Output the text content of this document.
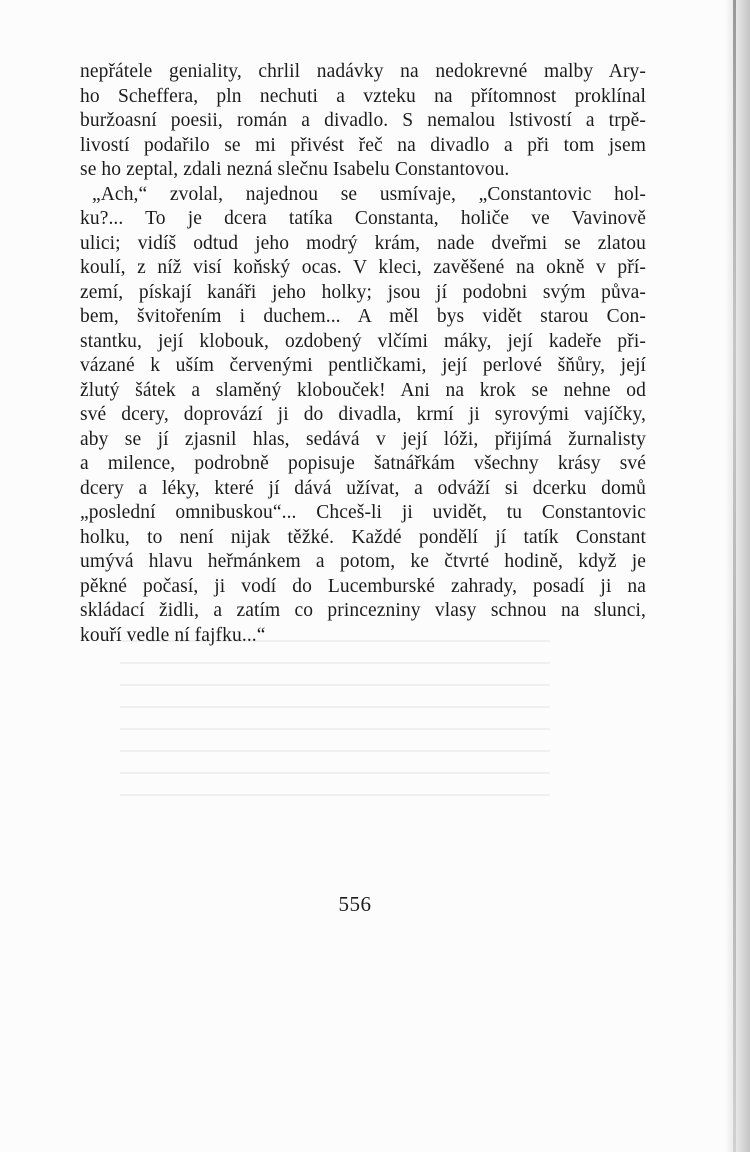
nepřátele geniality, chrlil nadávky na nedokrevné malby Ary-
ho Scheffera, pln nechuti a vzteku na přítomnost proklínal
buržoasní poesii, román a divadlo. S nemalou lstivostí a trpě-
livostí podařilo se mi přivést řeč na divadlo a při tom jsem
se ho zeptal, zdali nezná slečnu Isabelu Constantovou.
„Ach,“ zvolal, najednou se usmívaje, „Constantovic hol-
ku?... To je dcera tatíka Constanta, holiče ve Vavinově
ulici; vidíš odtud jeho modrý krám, nade dveřmi se zlatou
koulí, z níž visí koňský ocas. V kleci, zavěšené na okně v pří-
zemí, pískají kanáři jeho holky; jsou jí podobni svým půva-
bem, švitořením i duchem... A měl bys vidět starou Con-
stantku, její klobouk, ozdobený vlčími máky, její kadeře při-
vázané k uším červenými pentličkami, její perlové šňůry, její
žlutý šátek a slaměný klobouček! Ani na krok se nehne od
své dcery, doprovází ji do divadla, krmí ji syrovými vajíčky,
aby se jí zjasnil hlas, sedává v její lóži, přijímá žurnalisty
a milence, podrobně popisuje šatnářkám všechny krásy své
dcery a léky, které jí dává užívat, a odváží si dcerku domů
„poslední omnibuskou“... Chceš-li ji uvidět, tu Constantovic
holku, to není nijak těžké. Každé pondělí jí tatík Constant
umývá hlavu heřmánkem a potom, ke čtvrté hodině, když je
pěkné počasí, ji vodí do Lucemburské zahrady, posadí ji na
skládací židli, a zatím co princezniny vlasy schnou na slunci,
kouří vedle ní fajfku...“
556
